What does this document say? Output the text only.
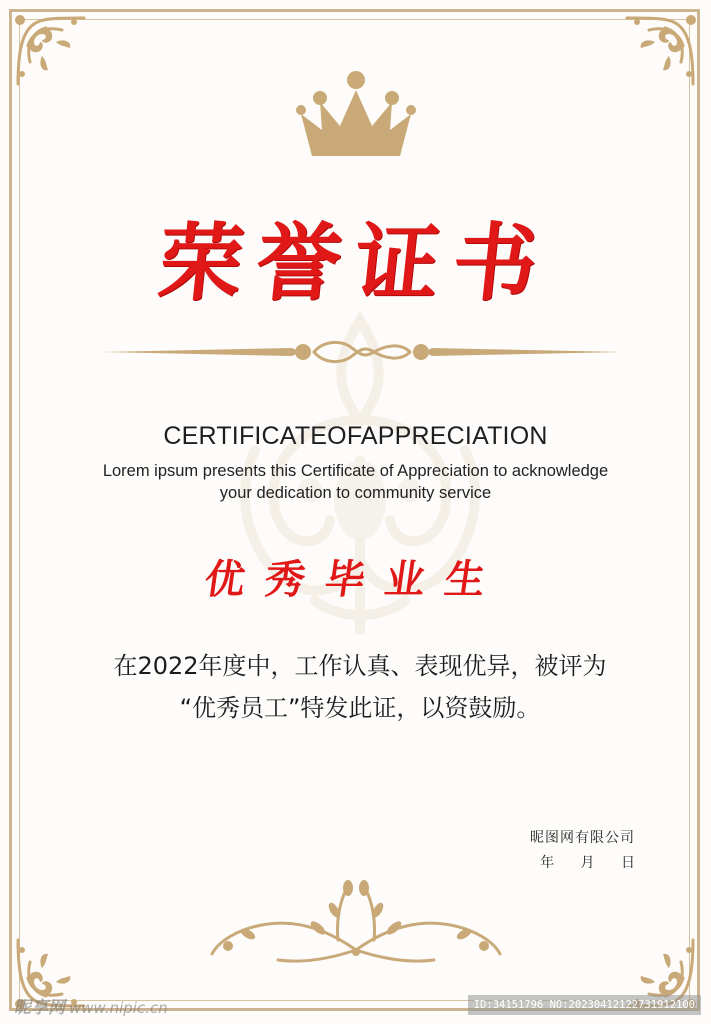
荣誉证书
CERTIFICATEOFAPPRECIATION
Lorem ipsum presents this Certificate of Appreciation to acknowledge
your dedication to community service
优秀毕业生
在2022年度中，工作认真、表现优异，被评为
“优秀员工”特发此证，以资鼓励。
昵图网有限公司
年 月 日
昵享网 www.nipic.cn	ID:34151796 NO:20230412122731912100
